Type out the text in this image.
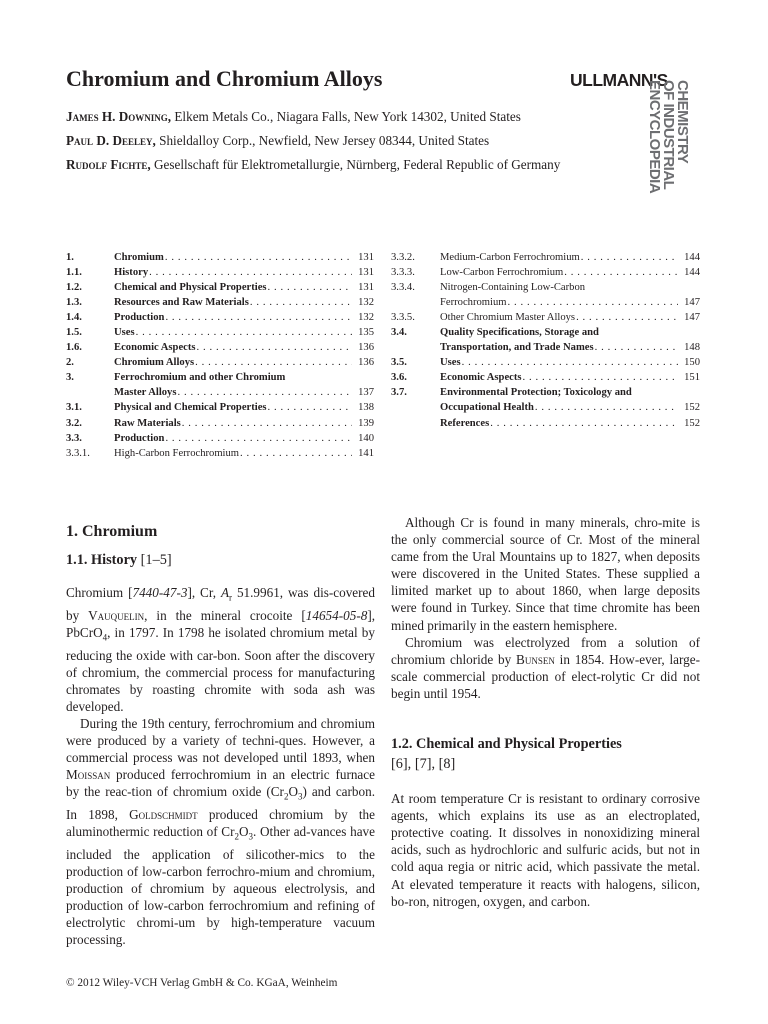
Chromium and Chromium Alloys	ULLMANN'S
ENCYCLOPEDIA
OF INDUSTRIAL
CHEMISTRY
James H. Downing, Elkem Metals Co., Niagara Falls, New York 14302, United States
Paul D. Deeley, Shieldalloy Corp., Newfield, New Jersey 08344, United States
Rudolf Fichte, Gesellschaft für Elektrometallurgie, Nürnberg, Federal Republic of Germany
1.	Chromium . . .	131
1.1.	History . . .	131
1.2.	Chemical and Physical Properties . . .	131
1.3.	Resources and Raw Materials . . .	132
1.4.	Production . . .	132
1.5.	Uses . . .	135
1.6.	Economic Aspects . . .	136
2.	Chromium Alloys . . .	136
3.	Ferrochromium and other Chromium
Master Alloys . . .	137
3.1.	Physical and Chemical Properties . . .	138
3.2.	Raw Materials . . .	139
3.3.	Production . . .	140
3.3.1.	High-Carbon Ferrochromium . . .	141
3.3.2.	Medium-Carbon Ferrochromium . . .	144
3.3.3.	Low-Carbon Ferrochromium . . .	144
3.3.4.	Nitrogen-Containing Low-Carbon
Ferrochromium . . .	147
3.3.5.	Other Chromium Master Alloys . . .	147
3.4.	Quality Specifications, Storage and
Transportation, and Trade Names . . .	148
3.5.	Uses . . .	150
3.6.	Economic Aspects . . .	151
3.7.	Environmental Protection; Toxicology and
Occupational Health . . .	152
References . . .	152
1. Chromium
1.1. History [1–5]

Chromium [7440-47-3], Cr, $A_r$ 51.9961, was dis-covered by Vauquelin, in the mineral crocoite [14654-05-8], PbCrO$_4$, in 1797. In 1798 he isolated chromium metal by reducing the oxide with car-bon. Soon after the discovery of chromium, the commercial process for manufacturing chromates by roasting chromite with soda ash was developed.

During the 19th century, ferrochromium and chromium were produced by a variety of techni-ques. However, a commercial process was not developed until 1893, when Moissan produced ferrochromium in an electric furnace by the reac-tion of chromium oxide $(Cr_2O_3)$ and carbon. In 1898, Goldschmidt produced chromium by the aluminothermic reduction of $Cr_2O_3$. Other ad-vances have included the application of silicother-mics to the production of low-carbon ferrochro-mium and chromium, production of chromium by aqueous electrolysis, and production of low-carbon ferrochromium and refining of electrolytic chromi-um by high-temperature vacuum processing.

Although Cr is found in many minerals, chro-mite is the only commercial source of Cr. Most of the mineral came from the Ural Mountains up to 1827, when deposits were discovered in the United States. These supplied a limited market up to about 1860, when large deposits were found in Turkey. Since that time chromite has been mined primarily in the eastern hemisphere.

Chromium was electrolyzed from a solution of chromium chloride by Bunsen in 1854. How-ever, large-scale commercial production of elect-rolytic Cr did not begin until 1954.

1.2. Chemical and Physical Properties
[6], [7], [8]

At room temperature Cr is resistant to ordinary corrosive agents, which explains its use as an electroplated, protective coating. It dissolves in nonoxidizing mineral acids, such as hydrochloric and sulfuric acids, but not in cold aqua regia or nitric acid, which passivate the metal. At elevated temperature it reacts with halogens, silicon, bo-ron, nitrogen, oxygen, and carbon.

© 2012 Wiley-VCH Verlag GmbH & Co. KGaA, Weinheim
